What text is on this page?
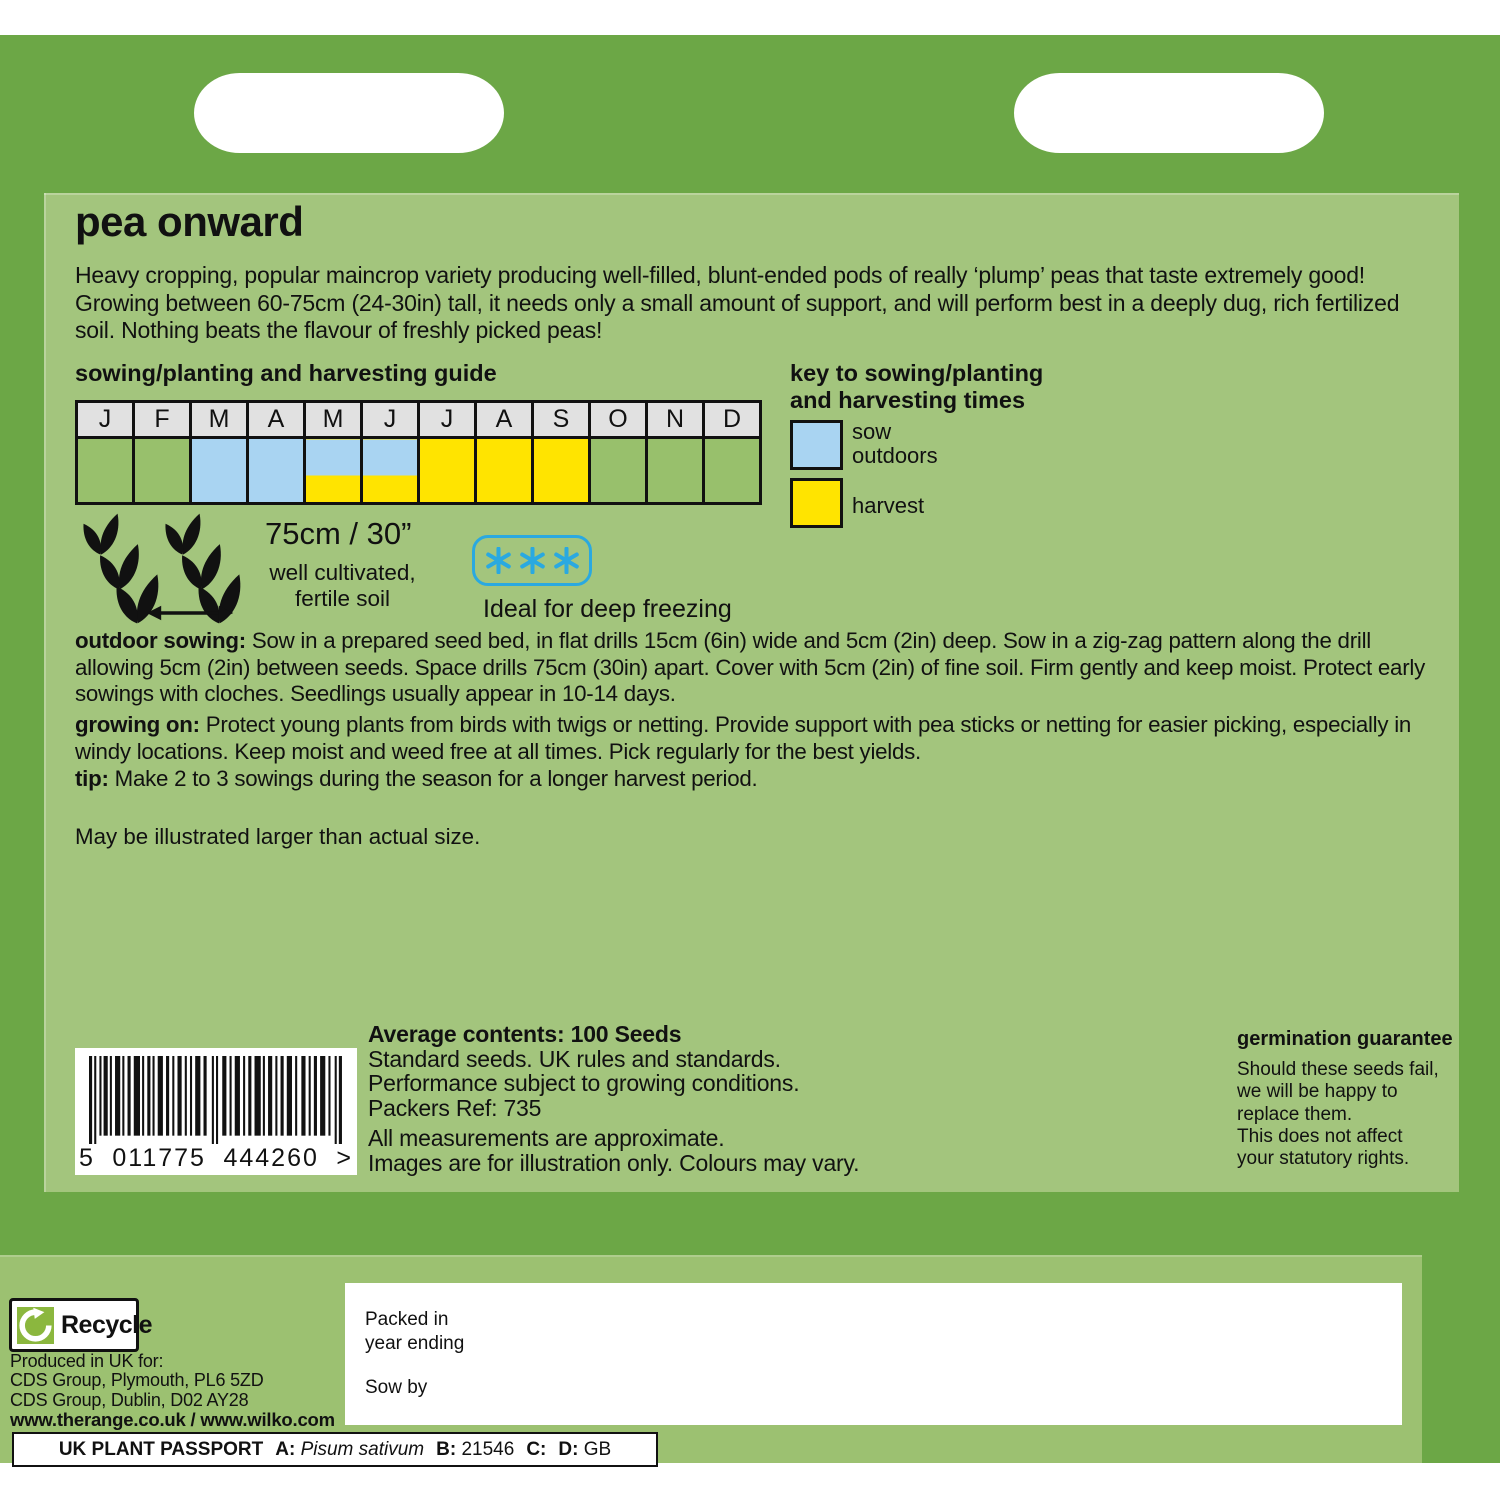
pea onward
Heavy cropping, popular maincrop variety producing well-filled, blunt-ended pods of really ‘plump’ peas that taste extremely good! Growing between 60-75cm (24-30in) tall, it needs only a small amount of support, and will perform best in a deeply dug, rich fertilized soil. Nothing beats the flavour of freshly picked peas!
sowing/planting and harvesting guide
J	F	M	A	M	J	J	A	S	O	N	D

key to sowing/planting
and harvesting times
sow outdoors
harvest
75cm / 30”
well cultivated,
fertile soil	Ideal for deep freezing

outdoor sowing: Sow in a prepared seed bed, in flat drills 15cm (6in) wide and 5cm (2in) deep. Sow in a zig-zag pattern along the drill allowing 5cm (2in) between seeds. Space drills 75cm (30in) apart. Cover with 5cm (2in) of fine soil. Firm gently and keep moist. Protect early sowings with cloches. Seedlings usually appear in 10-14 days.

growing on: Protect young plants from birds with twigs or netting. Provide support with pea sticks or netting for easier picking, especially in windy locations. Keep moist and weed free at all times. Pick regularly for the best yields.

tip: Make 2 to 3 sowings during the season for a longer harvest period.

May be illustrated larger than actual size.
5 011775 444260 >
Average contents: 100 Seeds
Standard seeds. UK rules and standards.
Performance subject to growing conditions.
Packers Ref: 735
All measurements are approximate.
Images are for illustration only. Colours may vary.
germination guarantee
Should these seeds fail,
we will be happy to
replace them.
This does not affect
your statutory rights.
Recycle
Produced in UK for:
CDS Group, Plymouth, PL6 5ZD
CDS Group, Dublin, D02 AY28
www.therange.co.uk / www.wilko.com
Packed in
year ending
Sow by
UK PLANT PASSPORT A: Pisum sativum B: 21546 C: D: GB
